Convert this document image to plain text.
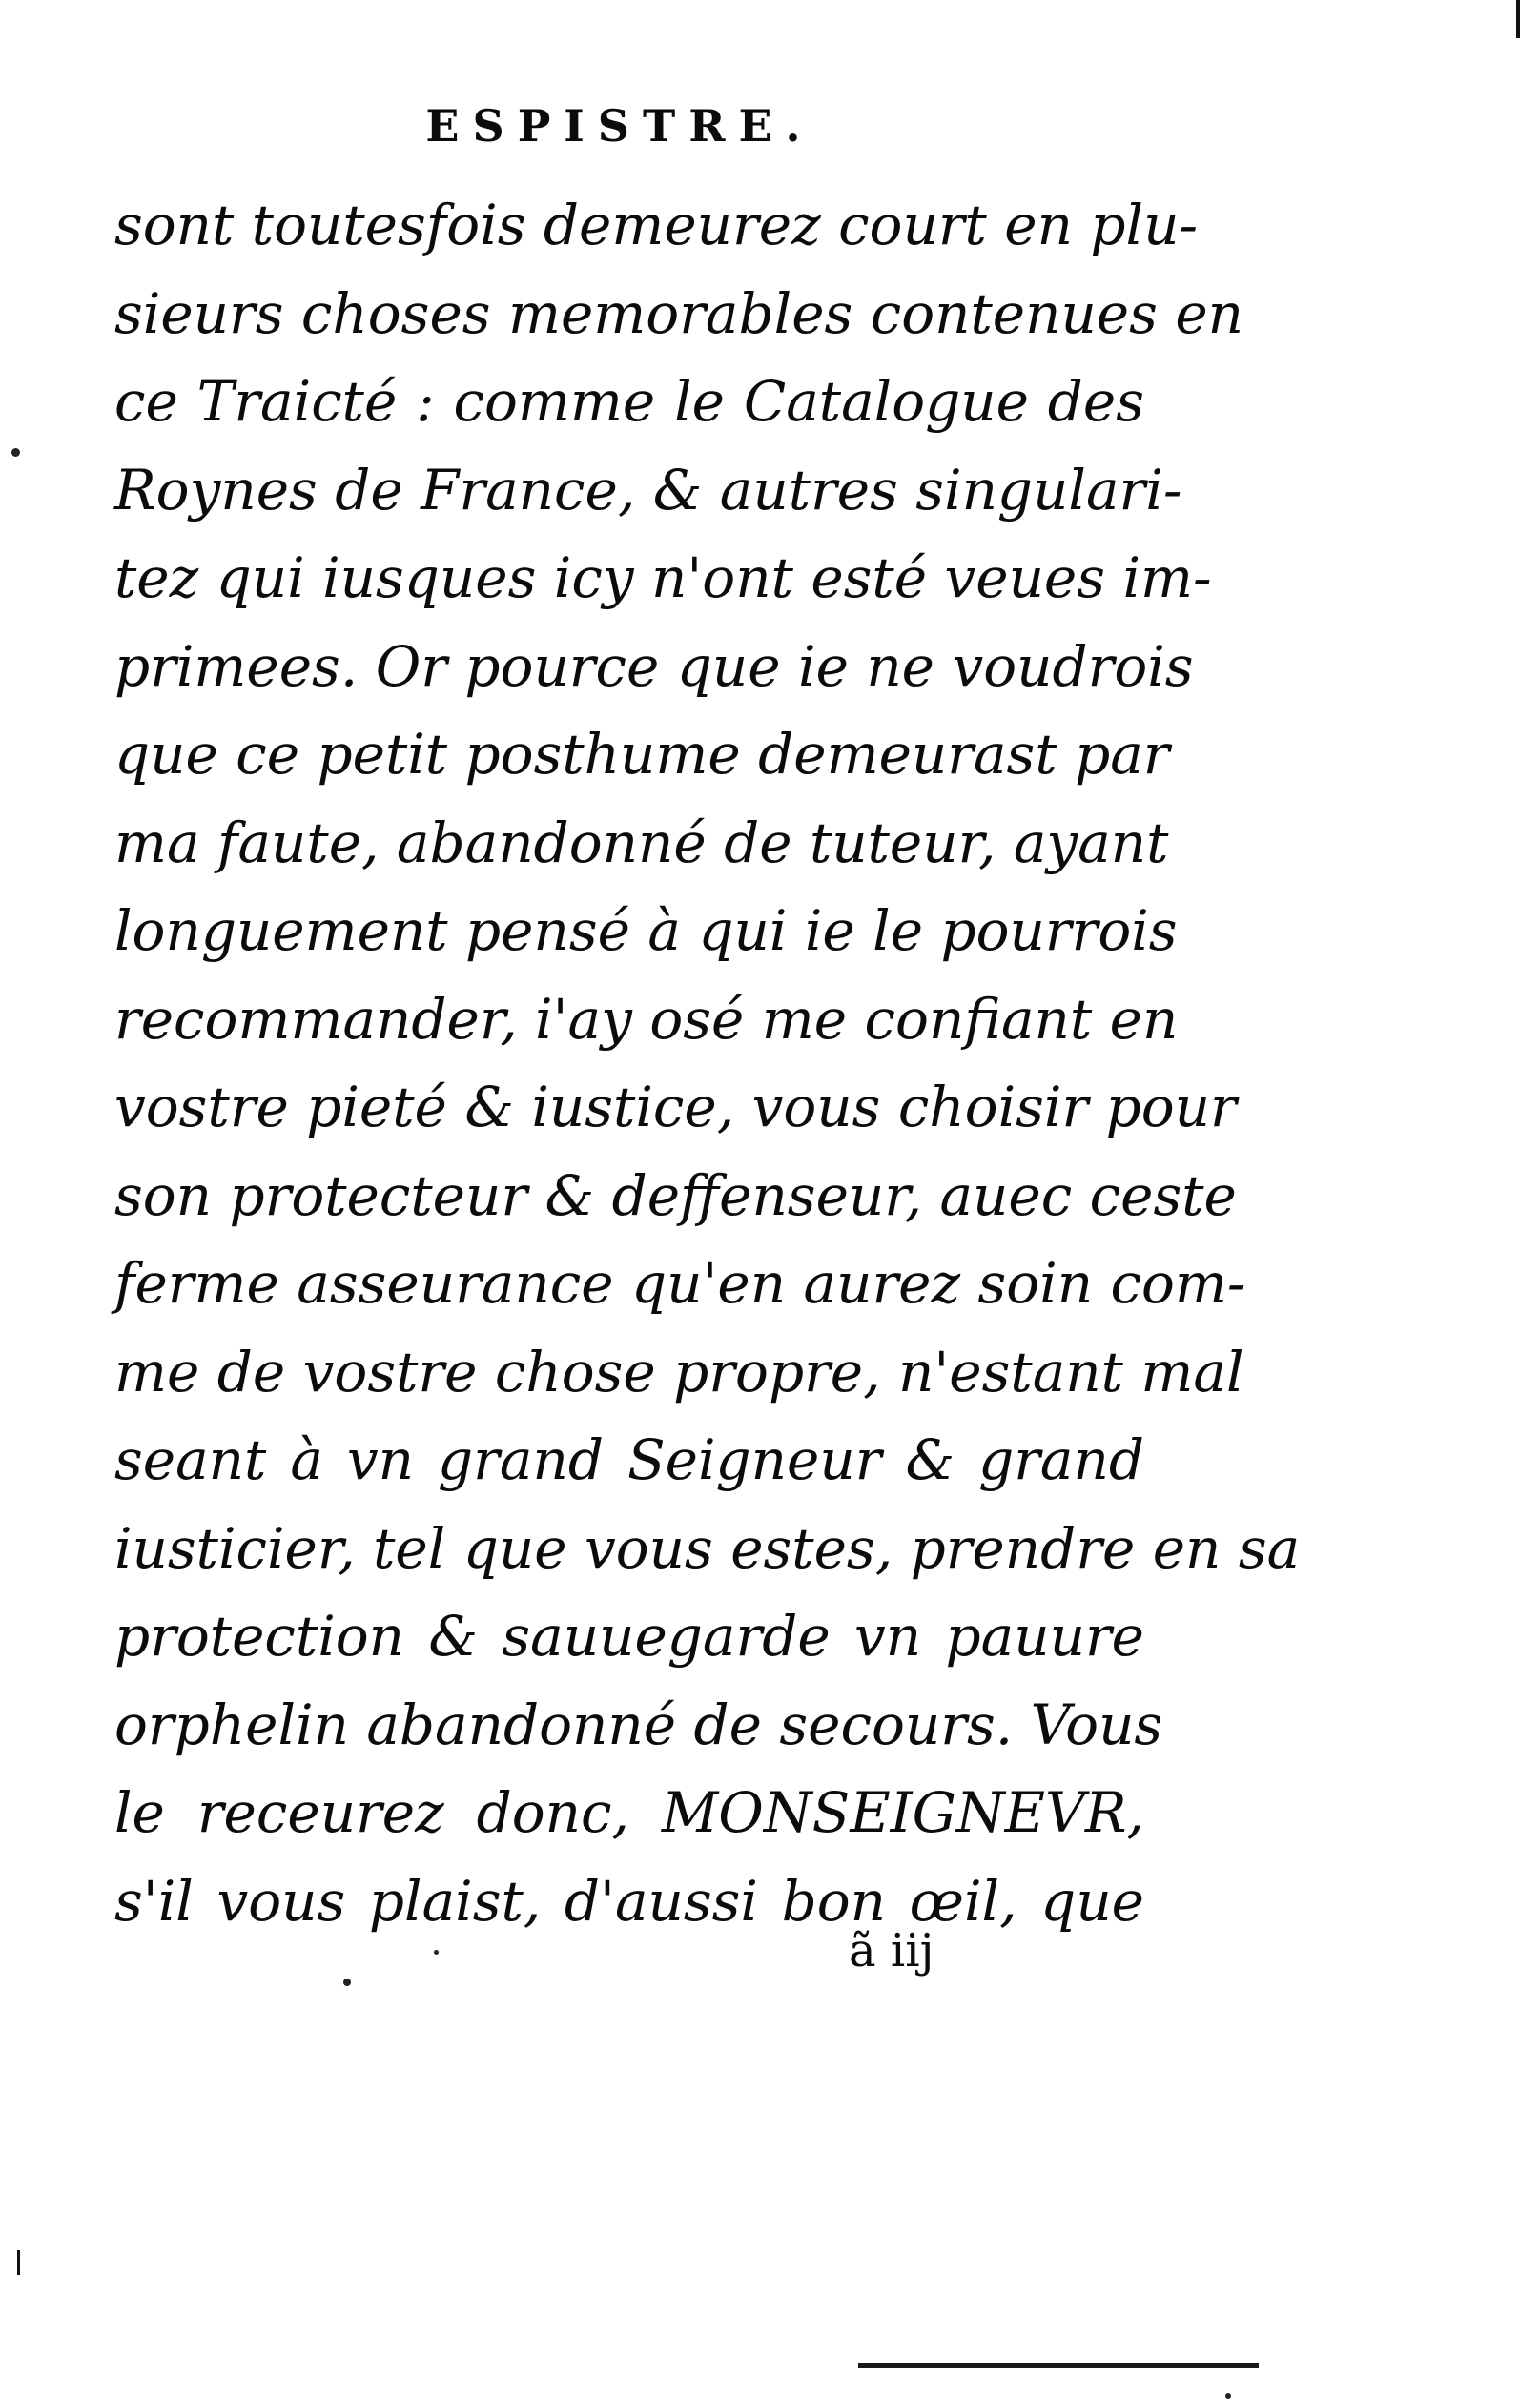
ESPISTRE.
sont toutesfois demeurez court en plu-
sieurs choses memorables contenues en
ce Traicté : comme le Catalogue des
Roynes de France, & autres singulari-
tez qui iusques icy n'ont esté veues im-
primees. Or pource que ie ne voudrois
que ce petit posthume demeurast par
ma faute, abandonné de tuteur, ayant
longuement pensé à qui ie le pourrois
recommander, i'ay osé me confiant en
vostre pieté & iustice, vous choisir pour
son protecteur & deffenseur, auec ceste
ferme asseurance qu'en aurez soin com-
me de vostre chose propre, n'estant mal
seant à vn grand Seigneur & grand
iusticier, tel que vous estes, prendre en sa
protection & sauuegarde vn pauure
orphelin abandonné de secours. Vous
le receurez donc, MONSEIGNEVR,
s'il vous plaist, d'aussi bon œil, que
ã iij
